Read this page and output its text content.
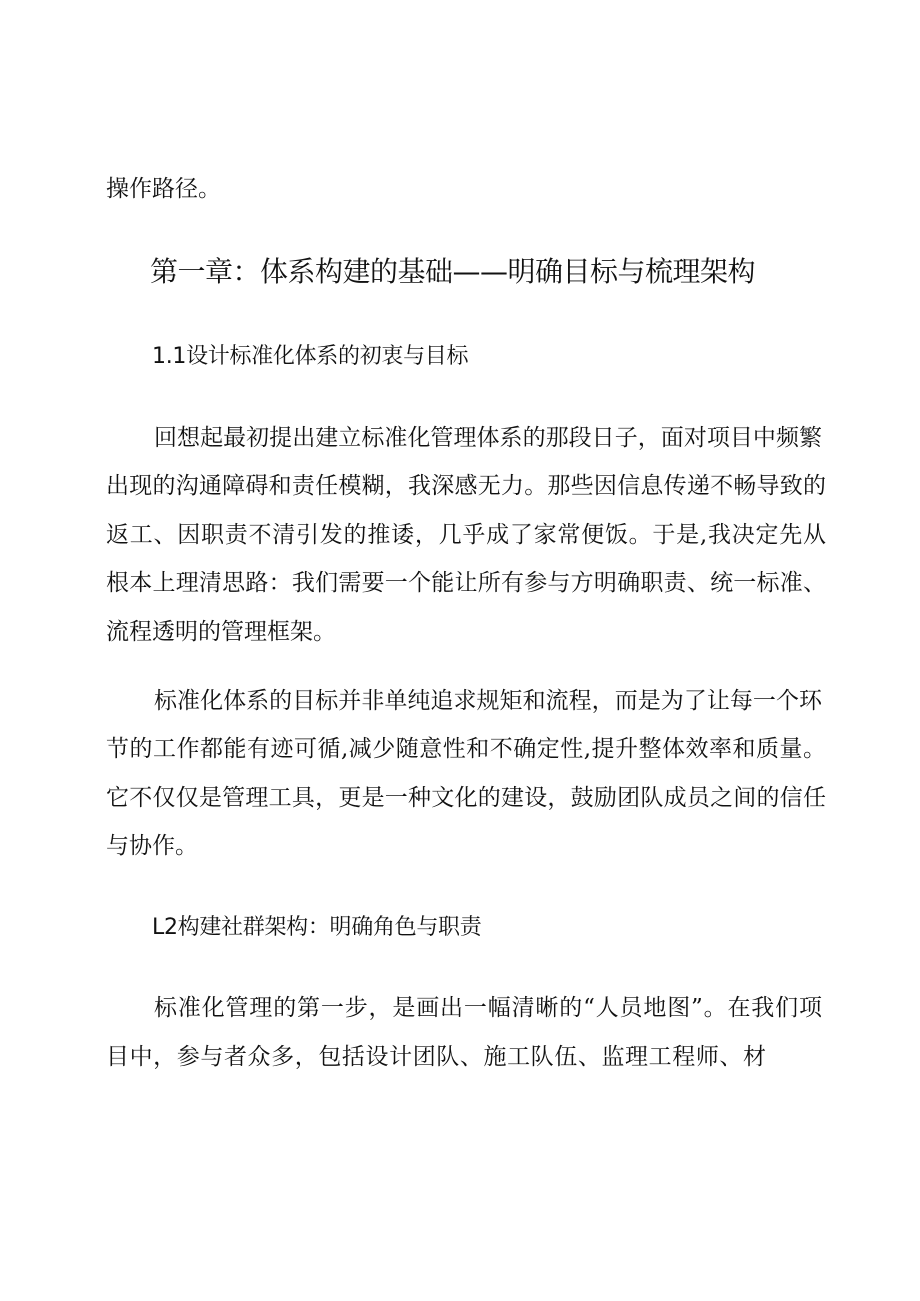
操作路径。
第一章：体系构建的基础——明确目标与梳理架构
1.1设计标准化体系的初衷与目标
回想起最初提出建立标准化管理体系的那段日子，面对项目中频繁
出现的沟通障碍和责任模糊，我深感无力。那些因信息传递不畅导致的
返工、因职责不清引发的推诿，几乎成了家常便饭。于是,我决定先从
根本上理清思路：我们需要一个能让所有参与方明确职责、统一标准、
流程透明的管理框架。
标准化体系的目标并非单纯追求规矩和流程，而是为了让每一个环
节的工作都能有迹可循,减少随意性和不确定性,提升整体效率和质量。
它不仅仅是管理工具，更是一种文化的建设，鼓励团队成员之间的信任
与协作。
L2构建社群架构：明确角色与职责
标准化管理的第一步，是画出一幅清晰的“人员地图”。在我们项
目中，参与者众多，包括设计团队、施工队伍、监理工程师、材
